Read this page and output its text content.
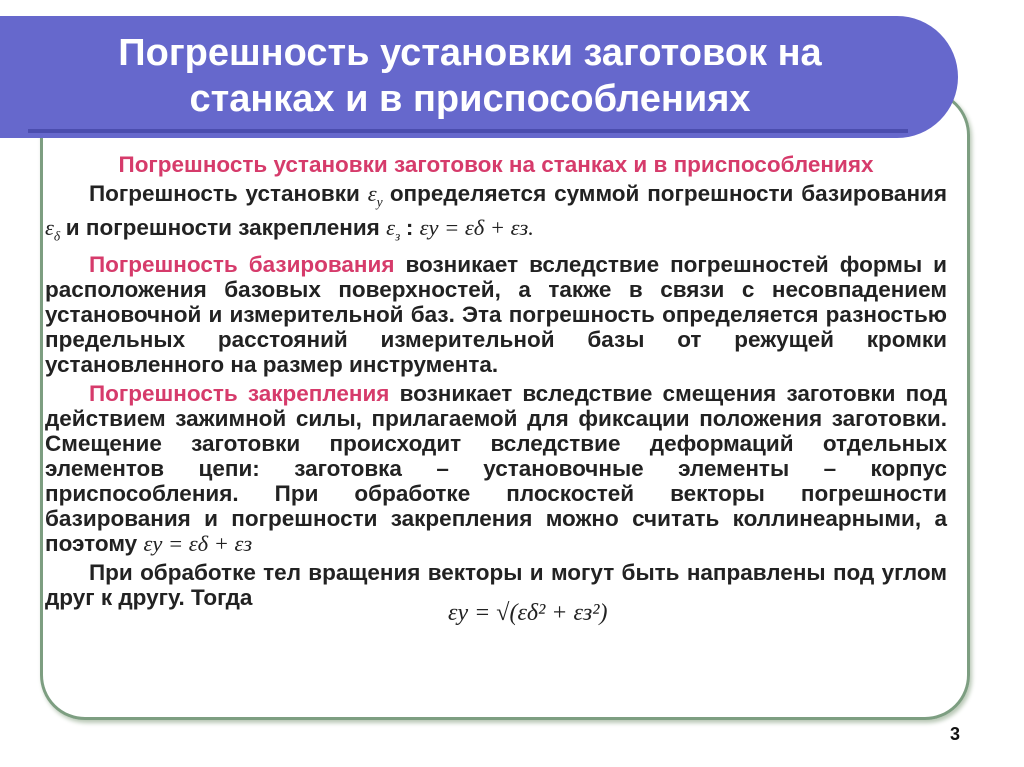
Погрешность установки заготовок на
станках и в приспособлениях
Погрешность установки заготовок на станках и в приспособлениях

Погрешность установки $\varepsilon_у$ определяется суммой погрешности базирования $\varepsilon_\delta$ и погрешности закрепления $\varepsilon_з$ : εу = εδ + εз.

Погрешность базирования возникает вследствие погрешностей формы и расположения базовых поверхностей, а также в связи с несовпадением установочной и измерительной баз. Эта погрешность определяется разностью предельных расстояний измерительной базы от режущей кромки установленного на размер инструмента.

Погрешность закрепления возникает вследствие смещения заготовки под действием зажимной силы, прилагаемой для фиксации положения заготовки. Смещение заготовки происходит вследствие деформаций отдельных элементов цепи: заготовка – установочные элементы – корпус приспособления. При обработке плоскостей векторы погрешности базирования и погрешности закрепления можно считать коллинеарными, а поэтому εу = εδ + εз

При обработке тел вращения векторы и могут быть направлены под углом друг к другу. Тогда

εу = √(εδ² + εз²)
3
